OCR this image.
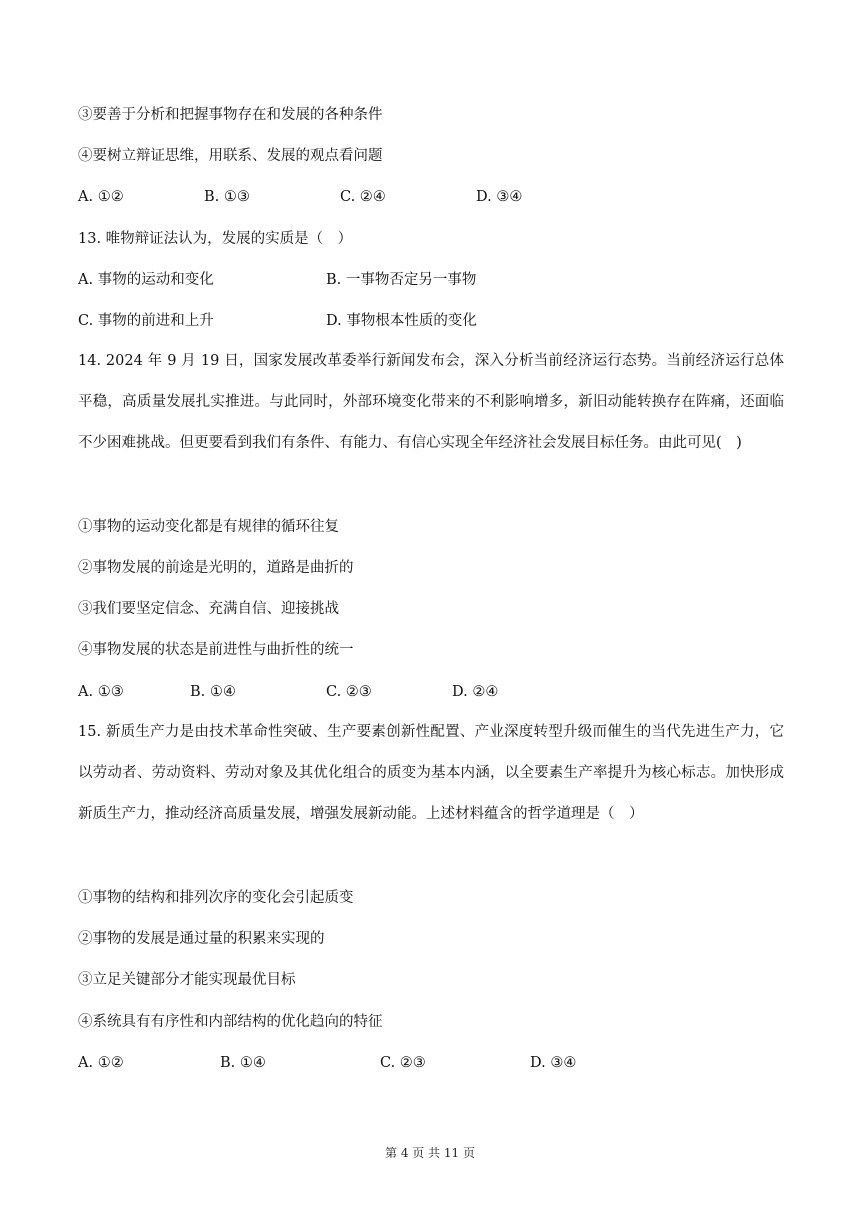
③要善于分析和把握事物存在和发展的各种条件
④要树立辩证思维，用联系、发展的观点看问题
A. ①②	B. ①③	C. ②④	D. ③④
13. 唯物辩证法认为，发展的实质是（　）
A. 事物的运动和变化	B. 一事物否定另一事物
C. 事物的前进和上升	D. 事物根本性质的变化
14. 2024 年 9 月 19 日，国家发展改革委举行新闻发布会，深入分析当前经济运行态势。当前经济运行总体平稳，高质量发展扎实推进。与此同时，外部环境变化带来的不利影响增多，新旧动能转换存在阵痛，还面临不少困难挑战。但更要看到我们有条件、有能力、有信心实现全年经济社会发展目标任务。由此可见(　)
①事物的运动变化都是有规律的循环往复
②事物发展的前途是光明的，道路是曲折的
③我们要坚定信念、充满自信、迎接挑战
④事物发展的状态是前进性与曲折性的统一
A. ①③	B. ①④	C. ②③	D. ②④
15. 新质生产力是由技术革命性突破、生产要素创新性配置、产业深度转型升级而催生的当代先进生产力，它以劳动者、劳动资料、劳动对象及其优化组合的质变为基本内涵，以全要素生产率提升为核心标志。加快形成新质生产力，推动经济高质量发展，增强发展新动能。上述材料蕴含的哲学道理是（　）
①事物的结构和排列次序的变化会引起质变
②事物的发展是通过量的积累来实现的
③立足关键部分才能实现最优目标
④系统具有有序性和内部结构的优化趋向的特征
A. ①②	B. ①④	C. ②③	D. ③④
第 4 页 共 11 页
